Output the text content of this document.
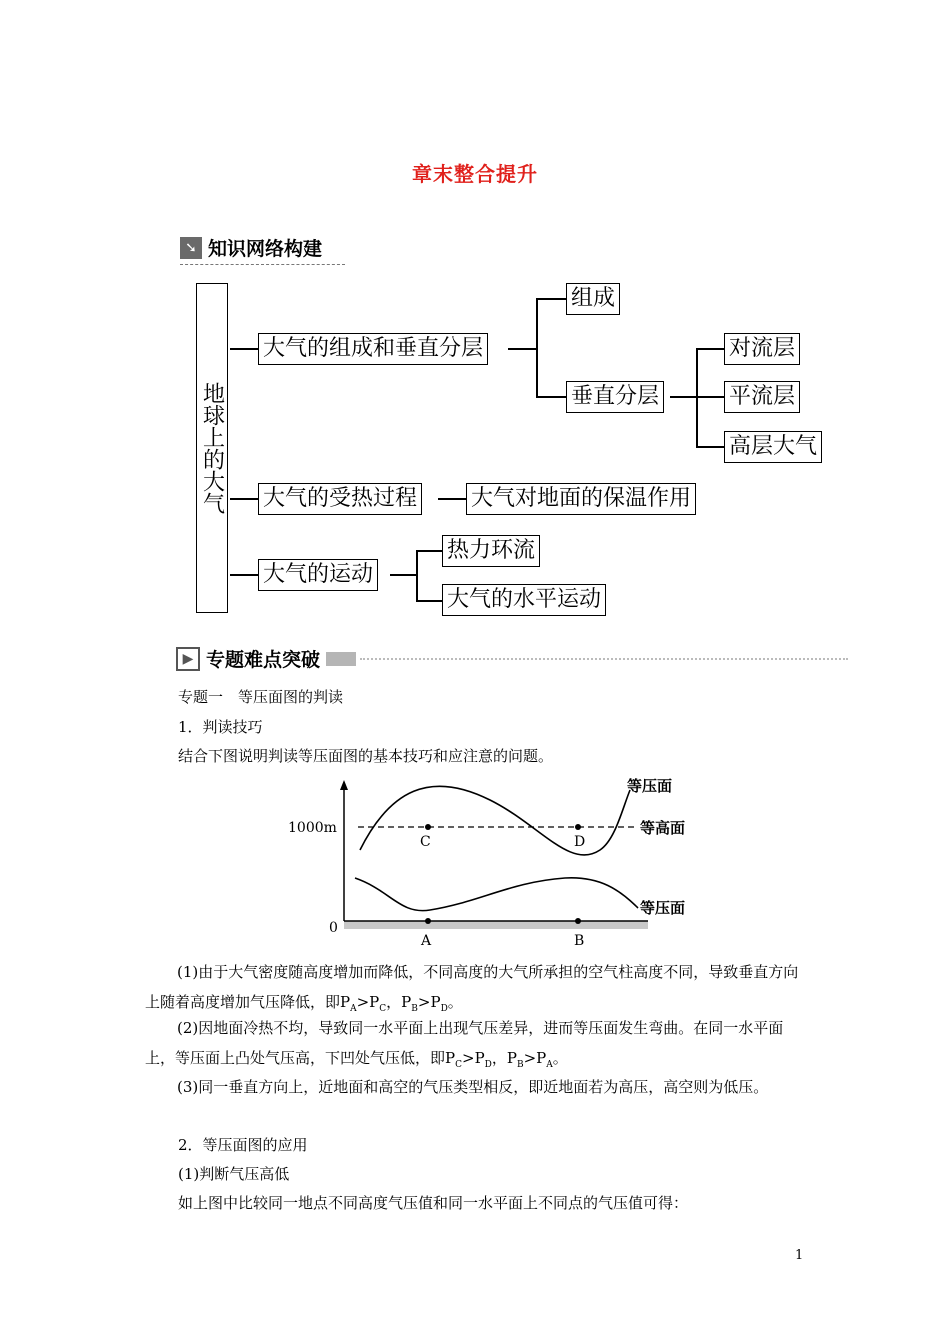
章末整合提升
➘ 知识网络构建
地球上的大气
大气的组成和垂直分层
组成
垂直分层
对流层
平流层
高层大气
大气的受热过程 大气对地面的保温作用
大气的运动
热力环流
大气的水平运动
▶ 专题难点突破
专题一　等压面图的判读
1．判读技巧
结合下图说明判读等压面图的基本技巧和应注意的问题。
C	D
A	B
1000m
0
等压面
等高面
等压面
(1)由于大气密度随高度增加而降低，不同高度的大气所承担的空气柱高度不同，导致垂直方向上随着高度增加气压降低，即$P_A>P_C$，$P_B>P_D$。
(2)因地面冷热不均，导致同一水平面上出现气压差异，进而等压面发生弯曲。在同一水平面上，等压面上凸处气压高，下凹处气压低，即$P_C>P_D$，$P_B>P_A$。
(3)同一垂直方向上，近地面和高空的气压类型相反，即近地面若为高压，高空则为低压。
2．等压面图的应用
(1)判断气压高低
如上图中比较同一地点不同高度气压值和同一水平面上不同点的气压值可得：
1
